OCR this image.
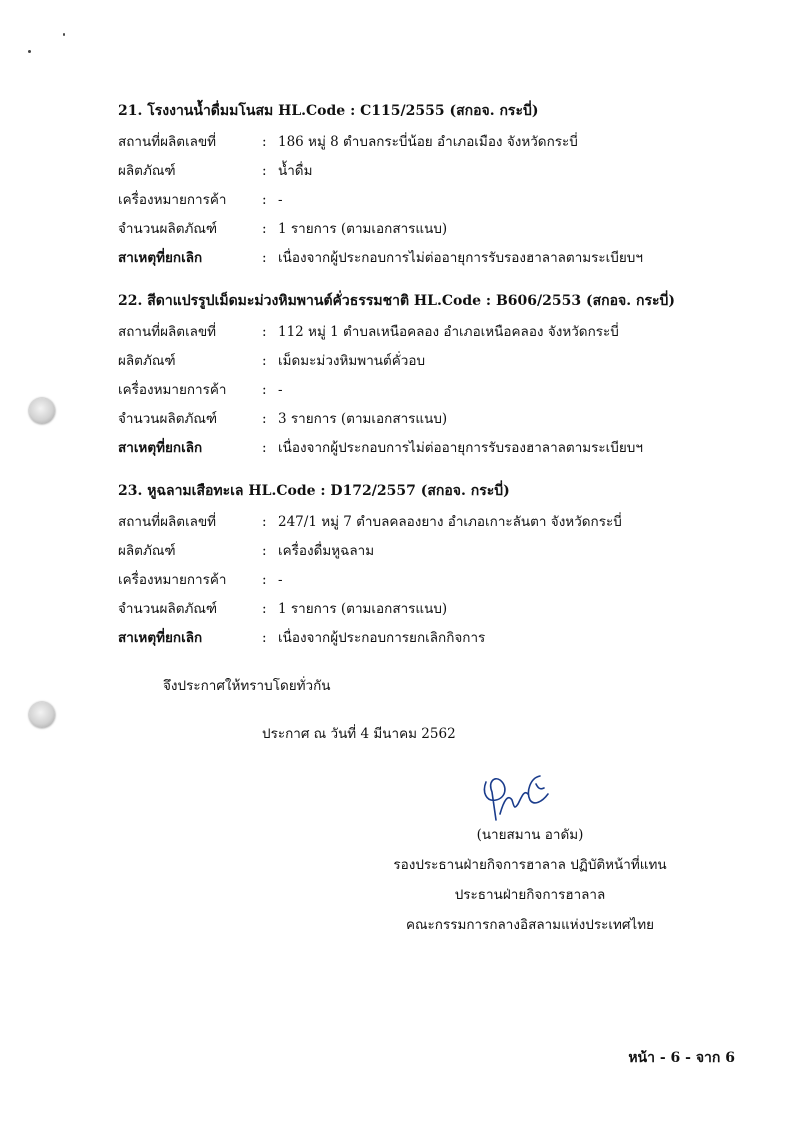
21. โรงงานน้ำดื่มมโนสม HL.Code : C115/2555 (สกอจ. กระบี่)
สถานที่ผลิตเลขที่	: 186 หมู่ 8 ตำบลกระบี่น้อย อำเภอเมือง จังหวัดกระบี่
ผลิตภัณฑ์	: น้ำดื่ม
เครื่องหมายการค้า	: -
จำนวนผลิตภัณฑ์	: 1 รายการ (ตามเอกสารแนบ)
สาเหตุที่ยกเลิก	: เนื่องจากผู้ประกอบการไม่ต่ออายุการรับรองฮาลาลตามระเบียบฯ
22. สีดาแปรรูปเม็ดมะม่วงหิมพานต์คั่วธรรมชาติ HL.Code : B606/2553 (สกอจ. กระบี่)
สถานที่ผลิตเลขที่	: 112 หมู่ 1 ตำบลเหนือคลอง อำเภอเหนือคลอง จังหวัดกระบี่
ผลิตภัณฑ์	: เม็ดมะม่วงหิมพานต์คั่วอบ
เครื่องหมายการค้า	: -
จำนวนผลิตภัณฑ์	: 3 รายการ (ตามเอกสารแนบ)
สาเหตุที่ยกเลิก	: เนื่องจากผู้ประกอบการไม่ต่ออายุการรับรองฮาลาลตามระเบียบฯ
23. หูฉลามเสือทะเล HL.Code : D172/2557 (สกอจ. กระบี่)
สถานที่ผลิตเลขที่	: 247/1 หมู่ 7 ตำบลคลองยาง อำเภอเกาะลันตา จังหวัดกระบี่
ผลิตภัณฑ์	: เครื่องดื่มหูฉลาม
เครื่องหมายการค้า	: -
จำนวนผลิตภัณฑ์	: 1 รายการ (ตามเอกสารแนบ)
สาเหตุที่ยกเลิก	: เนื่องจากผู้ประกอบการยกเลิกกิจการ
จึงประกาศให้ทราบโดยทั่วกัน
ประกาศ ณ วันที่ 4 มีนาคม 2562
(นายสมาน อาดัม)
รองประธานฝ่ายกิจการฮาลาล ปฏิบัติหน้าที่แทน
ประธานฝ่ายกิจการฮาลาล
คณะกรรมการกลางอิสลามแห่งประเทศไทย
หน้า - 6 - จาก 6
